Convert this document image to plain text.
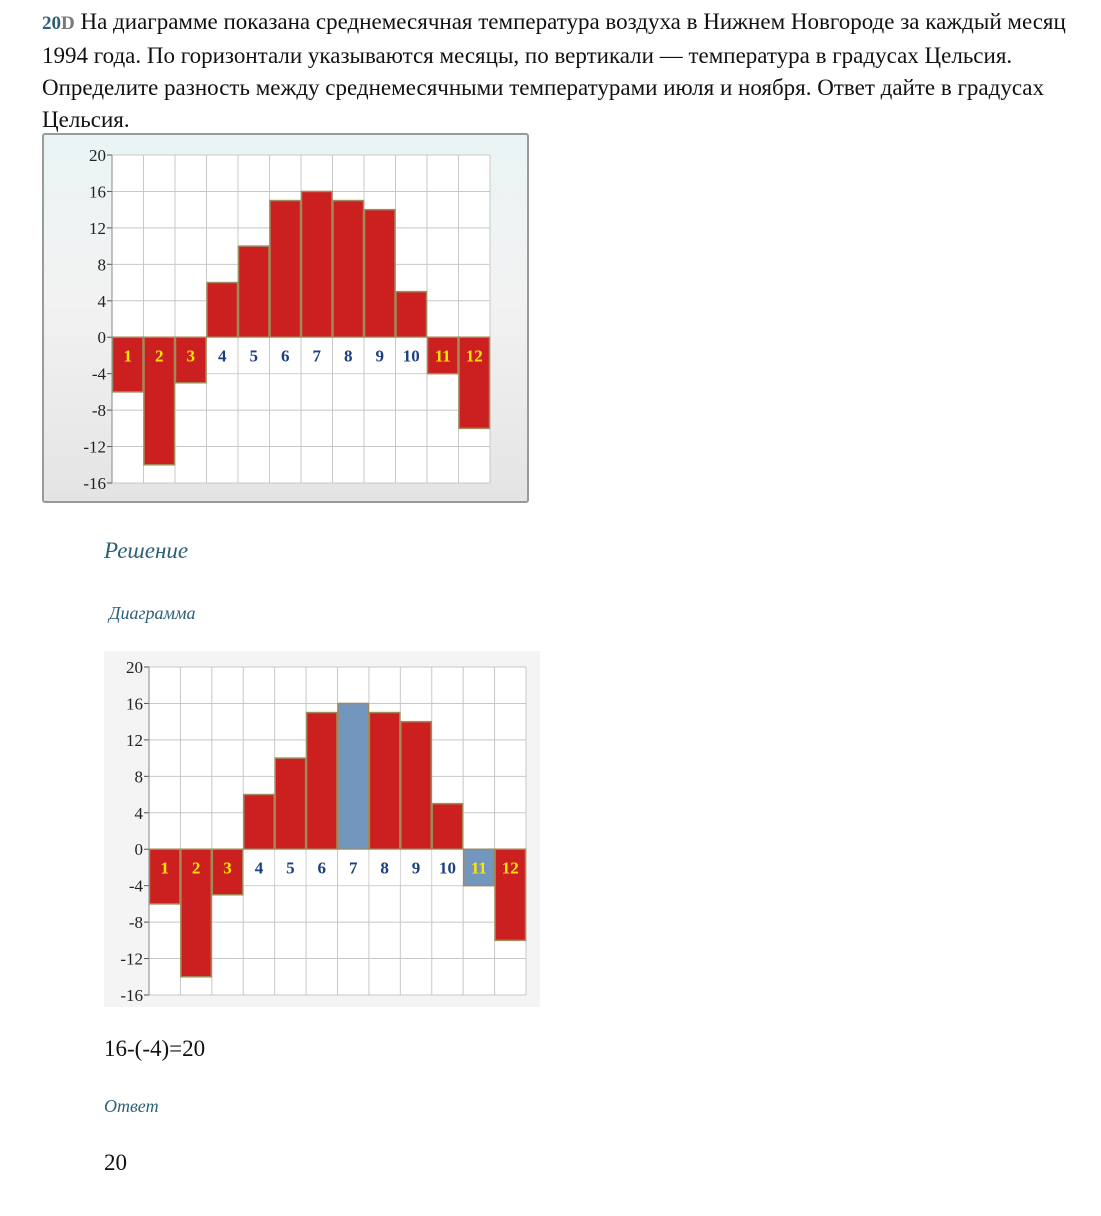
20D На диаграмме показана среднемесячная температура воздуха в Нижнем Новгороде за каждый месяц 1994 года. По горизонтали указываются месяцы, по вертикали — температура в градусах Цельсия. Определите разность между среднемесячными температурами июля и ноября. Ответ дайте в градусах Цельсия.
1 2 3 4 5 6 7 8 9 10 11 12
20
16
12
8
4
0
-4
-8
-12
-16
Решение
Диаграмма
1 2 3 4 5 6 7 8 9 10 11 12
20
16
12
8
4
0
-4
-8
-12
-16
16-(-4)=20
Ответ
20
